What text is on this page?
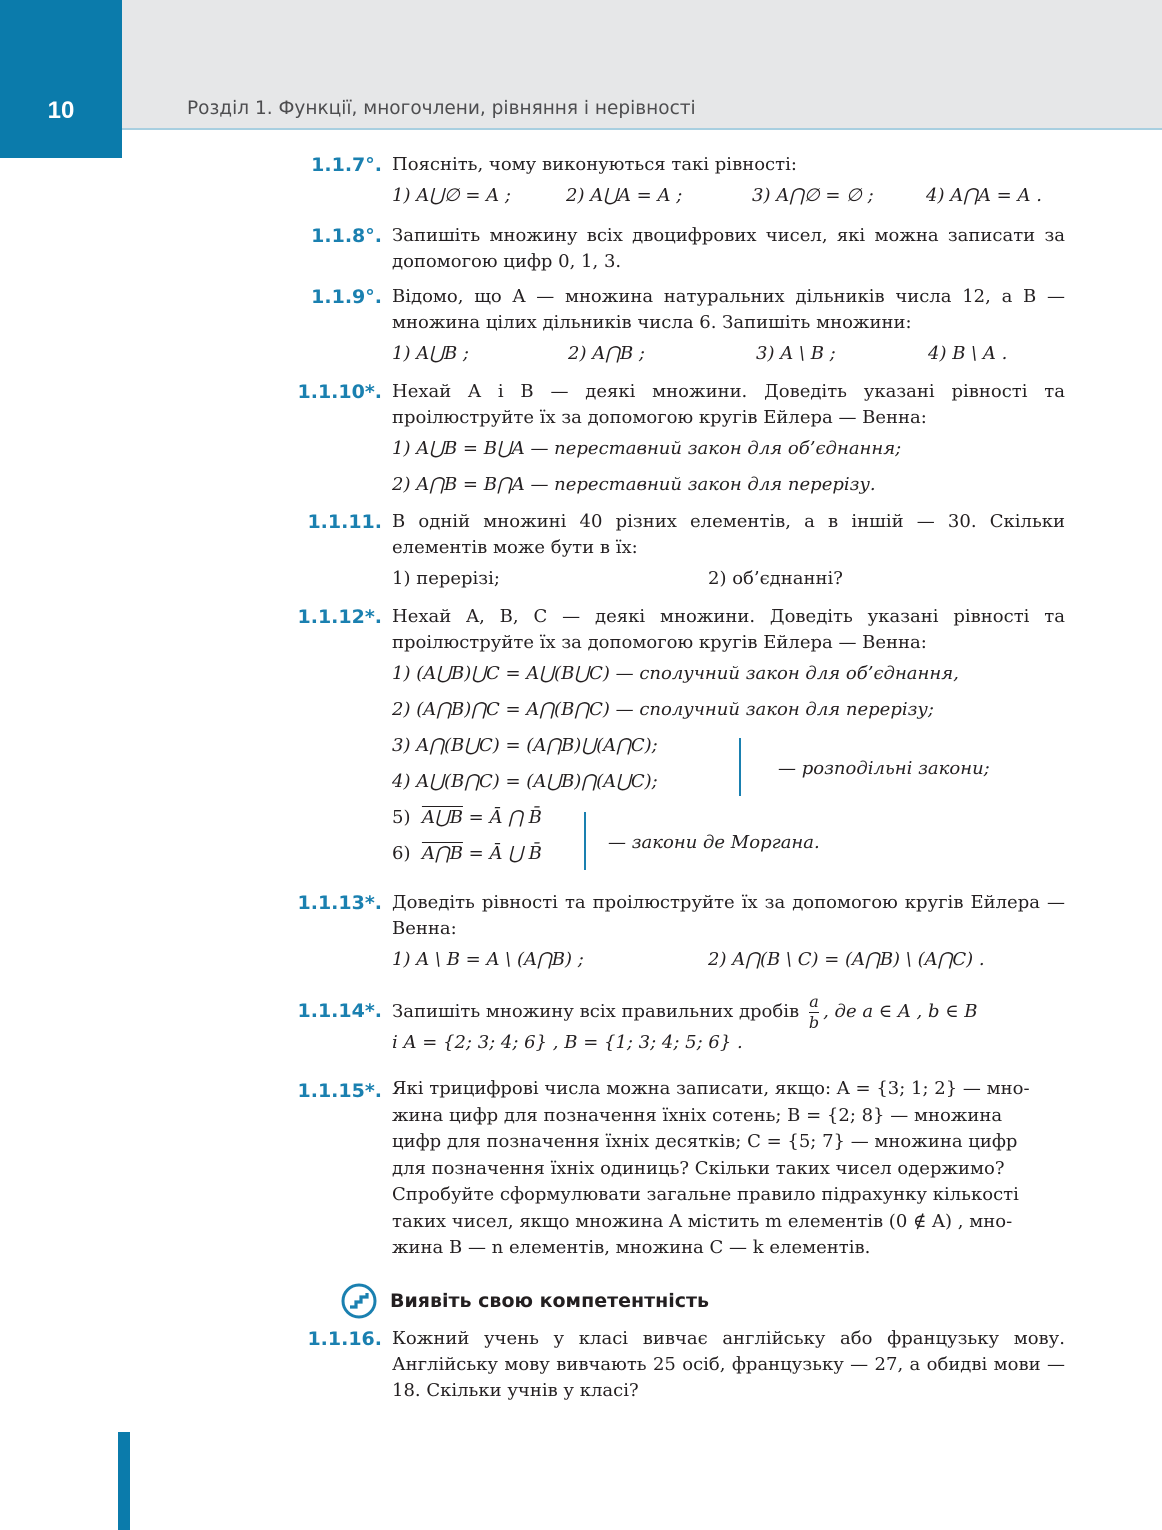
10	Розділ 1. Функції, многочлени, рівняння і нерівності
1.1.7°. Поясніть, чому виконуються такі рівності:
1) A⋃∅ = A ;	2) A⋃A = A ;	3) A⋂∅ = ∅ ;	4) A⋂A = A .
1.1.8°. Запишіть множину всіх двоцифрових чисел, які можна записати за допомогою цифр 0, 1, 3.
1.1.9°. Відомо, що A — множина натуральних дільників числа 12, а B — множина цілих дільників числа 6. Запишіть множини:
1) A⋃B ;	2) A⋂B ;	3) A \ B ;	4) B \ A .
1.1.10*. Нехай A і B — деякі множини. Доведіть указані рівності та проілюструйте їх за допомогою кругів Ейлера — Венна:
1) A⋃B = B⋃A — переставний закон для об’єднання;
2) A⋂B = B⋂A — переставний закон для перерізу.
1.1.11. В одній множині 40 різних елементів, а в іншій — 30. Скільки елементів може бути в їх:
1) перерізі;	2) об’єднанні?
1.1.12*. Нехай A, B, C — деякі множини. Доведіть указані рівності та проілюструйте їх за допомогою кругів Ейлера — Венна:
1) (A⋃B)⋃C = A⋃(B⋃C) — сполучний закон для об’єднання,
2) (A⋂B)⋂C = A⋂(B⋂C) — сполучний закон для перерізу;
3) A⋂(B⋃C) = (A⋂B)⋃(A⋂C);
4) A⋃(B⋂C) = (A⋃B)⋂(A⋃C);
5) A⋃B = Ā ⋂ B̄
6) A⋂B = Ā ⋃ B̄
— розподільні закони;
— закони де Моргана.
1.1.13*. Доведіть рівності та проілюструйте їх за допомогою кругів Ейлера — Венна:
1) A \ B = A \ (A⋂B) ;	2) A⋂(B \ C) = (A⋂B) \ (A⋂C) .
1.1.14*. Запишіть множину всіх правильних дробів $\frac{a}{b}$ , де a ∈ A , b ∈ B
і A = {2; 3; 4; 6} , B = {1; 3; 4; 5; 6} .
1.1.15*. Які трицифрові числа можна записати, якщо: A = {3; 1; 2} — мно-
жина цифр для позначення їхніх сотень; B = {2; 8} — множина
цифр для позначення їхніх десятків; C = {5; 7} — множина цифр
для позначення їхніх одиниць? Скільки таких чисел одержимо?
Спробуйте сформулювати загальне правило підрахунку кількості
таких чисел, якщо множина A містить m елементів (0 ∉ A) , мно-
жина B — n елементів, множина C — k елементів.
Виявіть свою компетентність
1.1.16. Кожний учень у класі вивчає англійську або французьку мову. Англійську мову вивчають 25 осіб, французьку — 27, а обидві мови — 18. Скільки учнів у класі?
